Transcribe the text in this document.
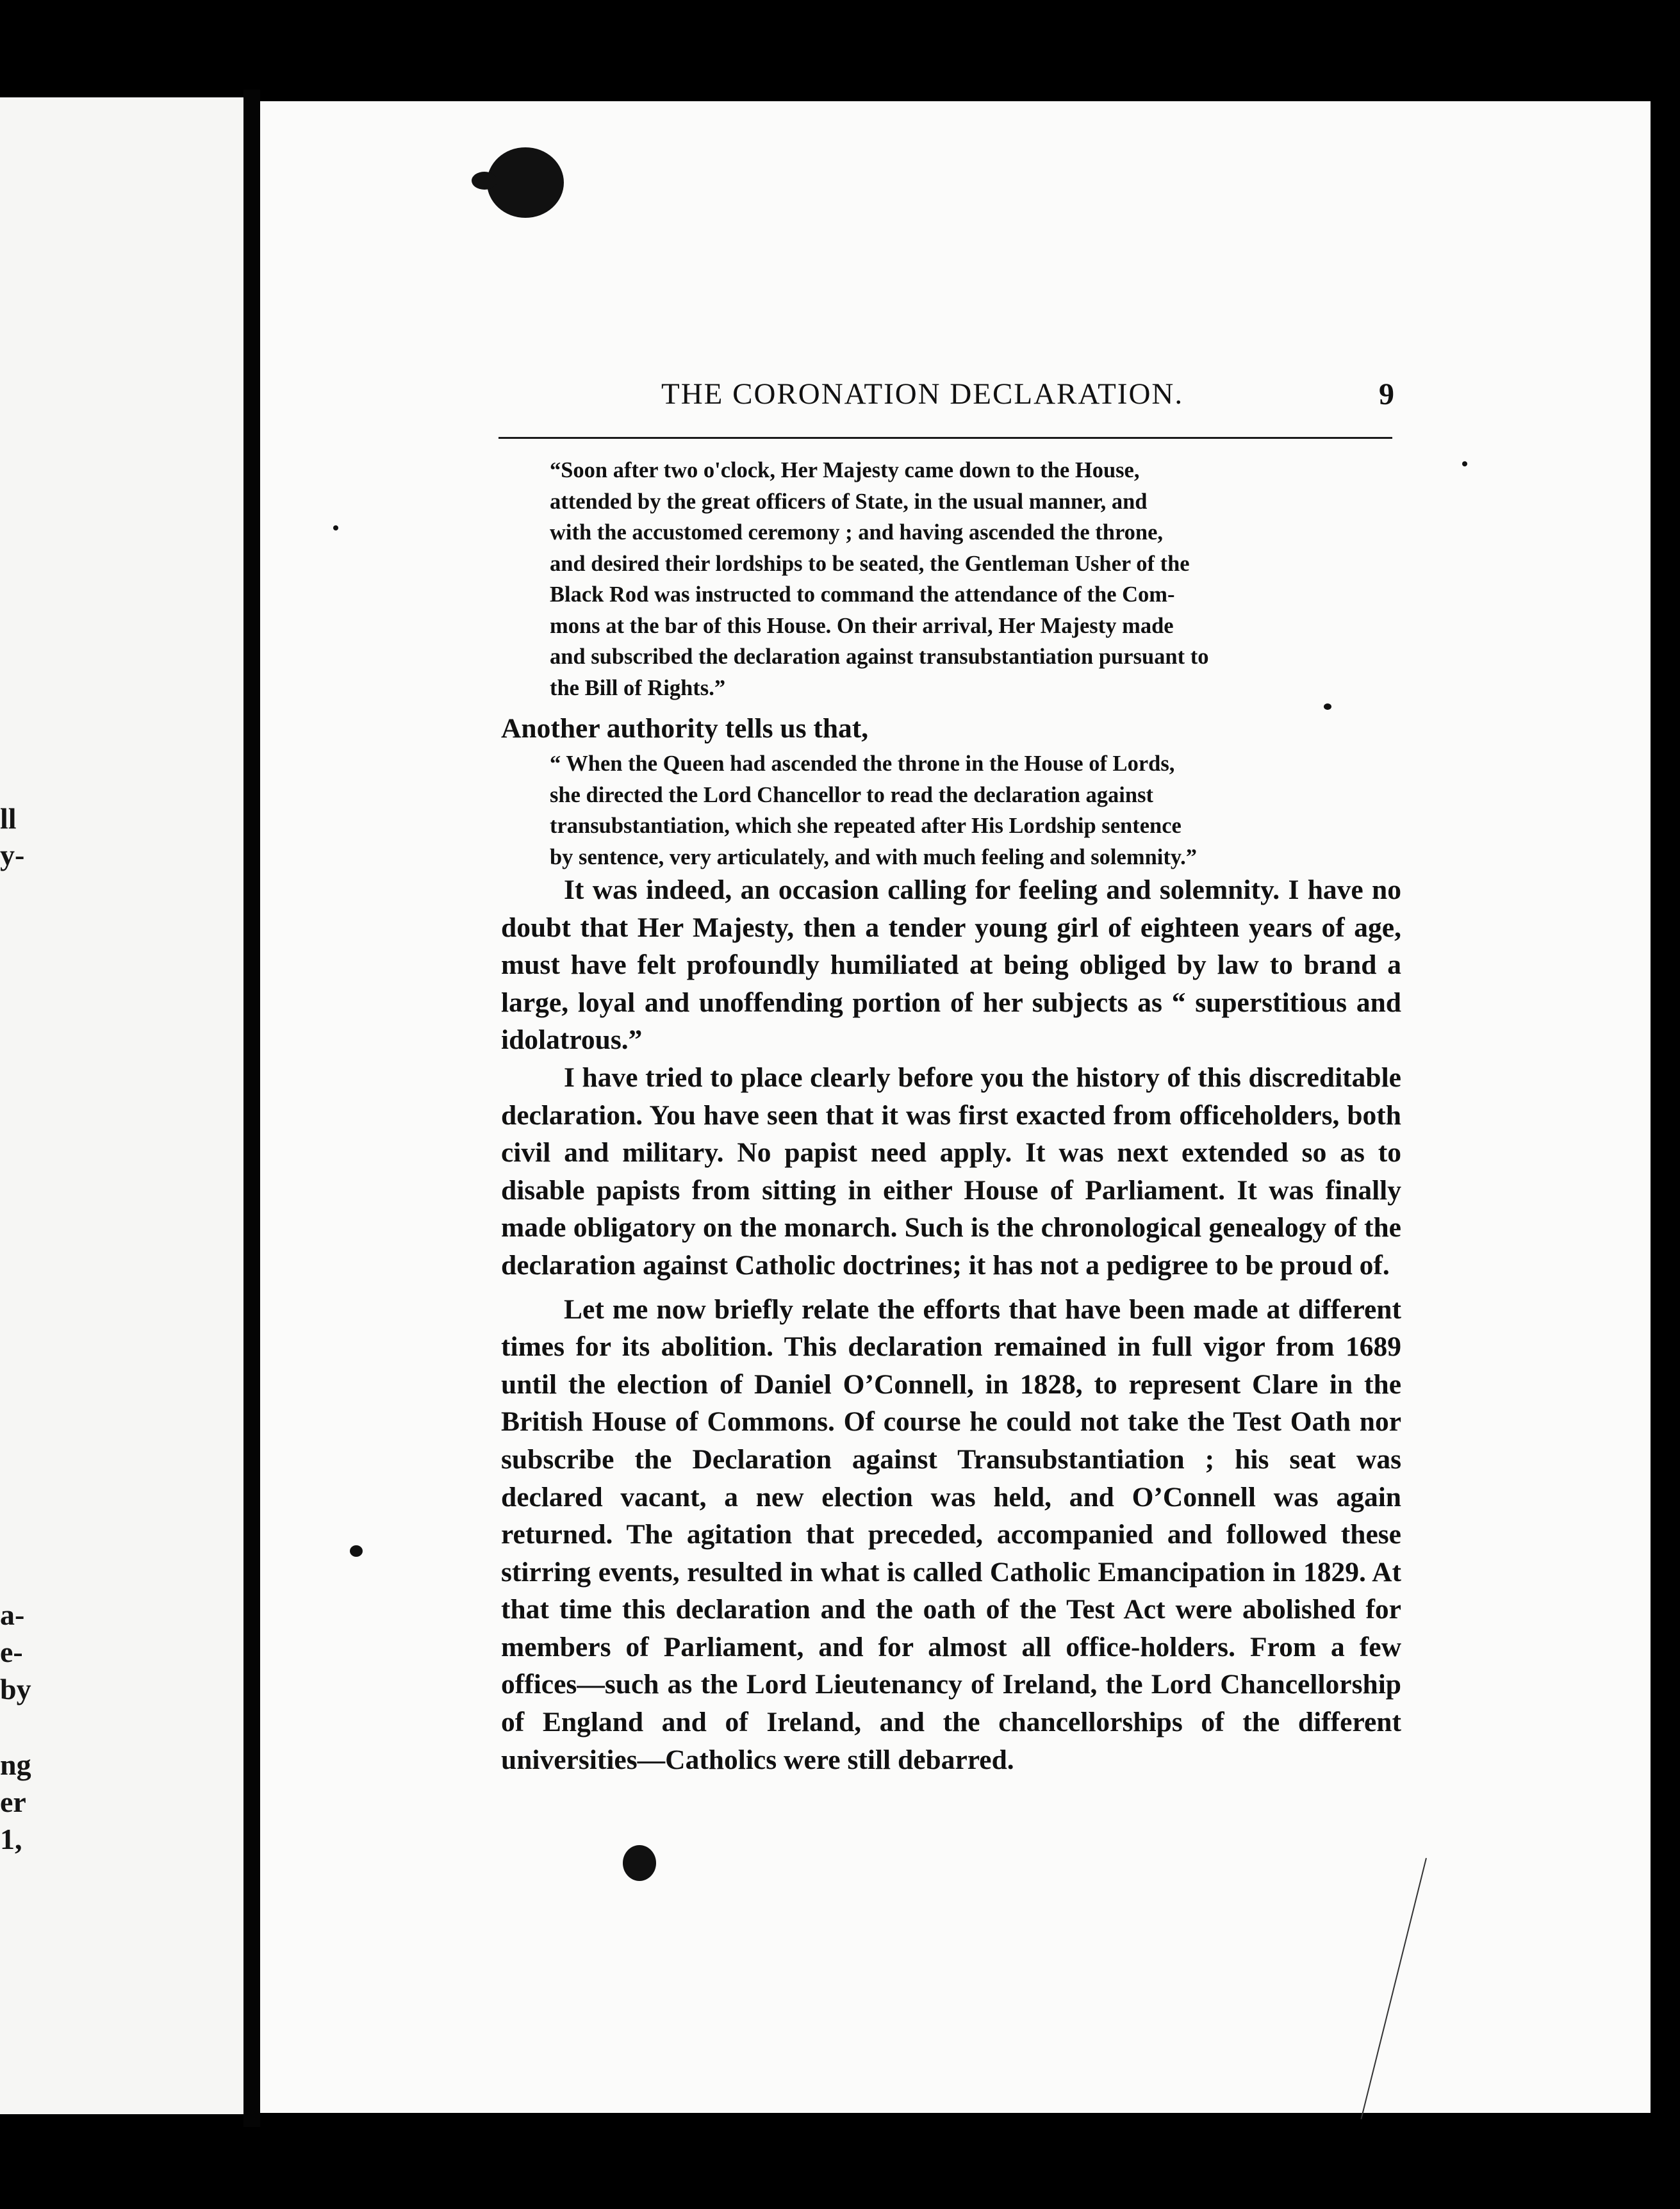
ll
y-
a-
e-
by
ng
er
1,
THE CORONATION DECLARATION.	9
“Soon after two o'clock, Her Majesty came down to the House,
attended by the great officers of State, in the usual manner, and
with the accustomed ceremony ; and having ascended the throne,
and desired their lordships to be seated, the Gentleman Usher of the
Black Rod was instructed to command the attendance of the Com-
mons at the bar of this House. On their arrival, Her Majesty made
and subscribed the declaration against transubstantiation pursuant to
the Bill of Rights.”
Another authority tells us that,
“ When the Queen had ascended the throne in the House of Lords,
she directed the Lord Chancellor to read the declaration against
transubstantiation, which she repeated after His Lordship sentence
by sentence, very articulately, and with much feeling and solemnity.”

It was indeed, an occasion calling for feeling and solemnity. I have no doubt that Her Majesty, then a tender young girl of eighteen years of age, must have felt profoundly humiliated at being obliged by law to brand a large, loyal and unoffending portion of her subjects as “ superstitious and idolatrous.”

I have tried to place clearly before you the history of this discreditable declaration. You have seen that it was first exacted from officeholders, both civil and military. No papist need apply. It was next extended so as to disable papists from sitting in either House of Parliament. It was finally made obligatory on the monarch. Such is the chronological genealogy of the declaration against Catholic doctrines; it has not a pedigree to be proud of.

Let me now briefly relate the efforts that have been made at different times for its abolition. This declaration remained in full vigor from 1689 until the election of Daniel O’Connell, in 1828, to represent Clare in the British House of Commons. Of course he could not take the Test Oath nor subscribe the Declaration against Transubstantiation ; his seat was declared vacant, a new election was held, and O’Connell was again returned. The agitation that preceded, accompanied and followed these stirring events, resulted in what is called Catholic Emancipation in 1829. At that time this declaration and the oath of the Test Act were abolished for members of Parliament, and for almost all office-holders. From a few offices—such as the Lord Lieutenancy of Ireland, the Lord Chancellorship of England and of Ireland, and the chancellorships of the different universities—Catholics were still debarred.
